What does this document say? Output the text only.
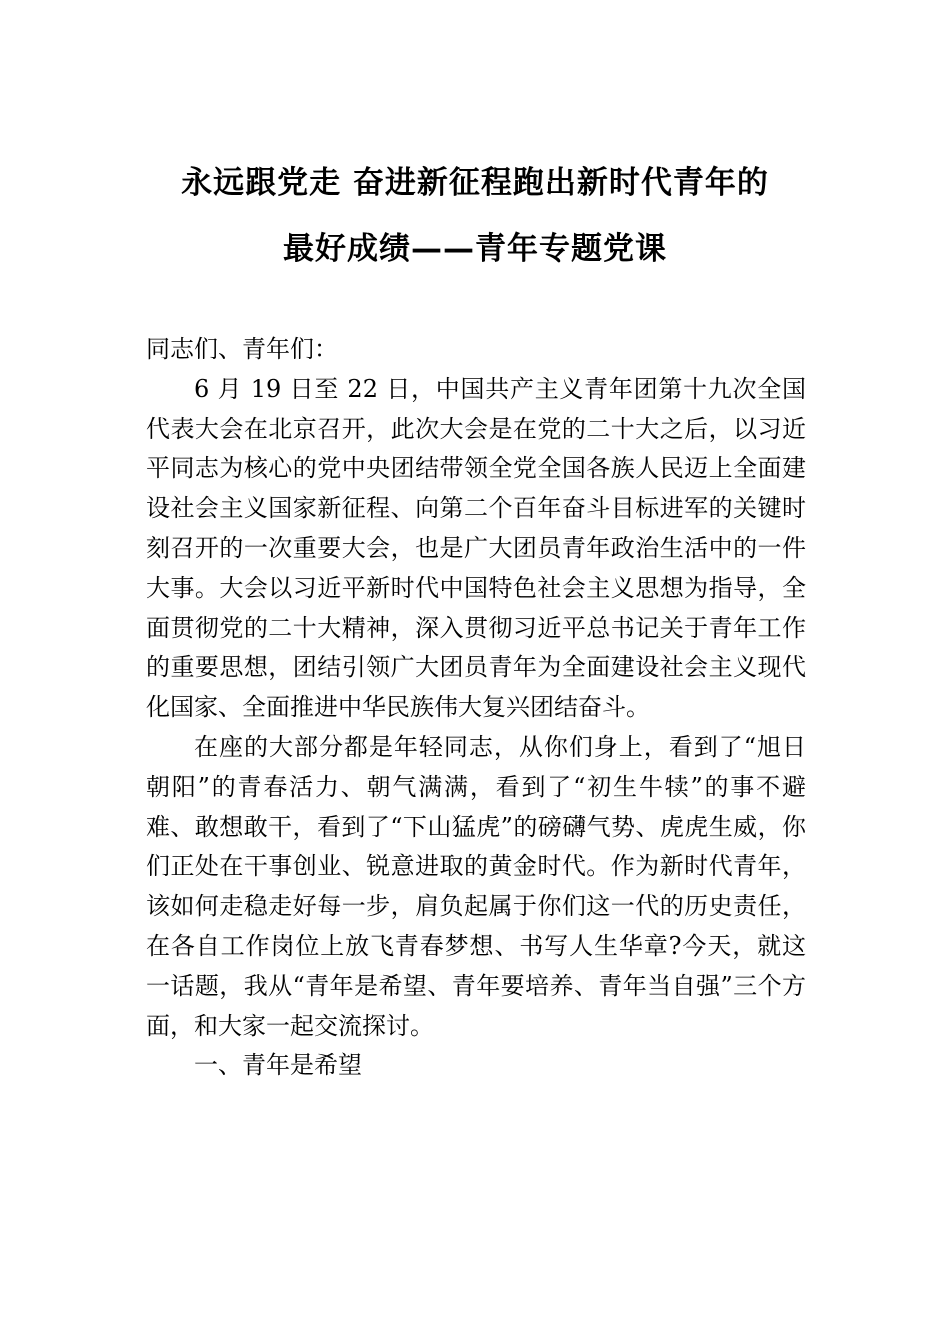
永远跟党走 奋进新征程跑出新时代青年的
最好成绩——青年专题党课

同志们、青年们：

6 月 19 日至 22 日，中国共产主义青年团第十九次全国代表大会在北京召开，此次大会是在党的二十大之后，以习近平同志为核心的党中央团结带领全党全国各族人民迈上全面建设社会主义国家新征程、向第二个百年奋斗目标进军的关键时刻召开的一次重要大会，也是广大团员青年政治生活中的一件大事。大会以习近平新时代中国特色社会主义思想为指导，全面贯彻党的二十大精神，深入贯彻习近平总书记关于青年工作的重要思想，团结引领广大团员青年为全面建设社会主义现代化国家、全面推进中华民族伟大复兴团结奋斗。

在座的大部分都是年轻同志，从你们身上，看到了“旭日朝阳”的青春活力、朝气满满，看到了“初生牛犊”的事不避难、敢想敢干，看到了“下山猛虎”的磅礴气势、虎虎生威，你们正处在干事创业、锐意进取的黄金时代。作为新时代青年，该如何走稳走好每一步，肩负起属于你们这一代的历史责任，在各自工作岗位上放飞青春梦想、书写人生华章?今天，就这一话题，我从“青年是希望、青年要培养、青年当自强”三个方面，和大家一起交流探讨。

一、青年是希望
